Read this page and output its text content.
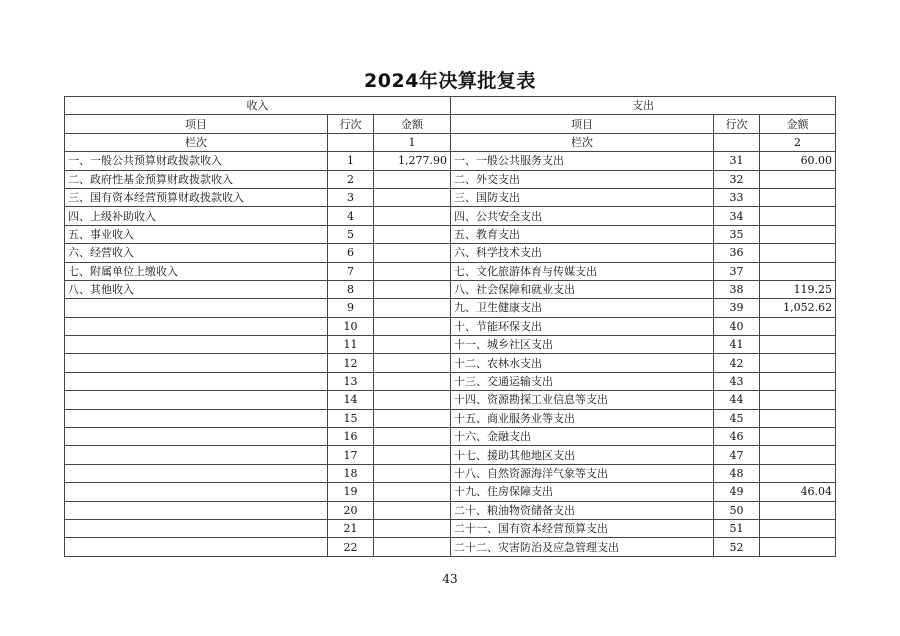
2024年决算批复表
收入			支出		
项目	行次	金额	项目	行次	金额
栏次		1	栏次		2
一、一般公共预算财政拨款收入	1	1,277.90	一、一般公共服务支出	31	60.00
二、政府性基金预算财政拨款收入	2		二、外交支出	32	
三、国有资本经营预算财政拨款收入	3		三、国防支出	33	
四、上级补助收入	4		四、公共安全支出	34	
五、事业收入	5		五、教育支出	35	
六、经营收入	6		六、科学技术支出	36	
七、附属单位上缴收入	7		七、文化旅游体育与传媒支出	37	
八、其他收入	8		八、社会保障和就业支出	38	119.25
	9		九、卫生健康支出	39	1,052.62
	10		十、节能环保支出	40	
	11		十一、城乡社区支出	41	
	12		十二、农林水支出	42	
	13		十三、交通运输支出	43	
	14		十四、资源勘探工业信息等支出	44	
	15		十五、商业服务业等支出	45	
	16		十六、金融支出	46	
	17		十七、援助其他地区支出	47	
	18		十八、自然资源海洋气象等支出	48	
	19		十九、住房保障支出	49	46.04
	20		二十、粮油物资储备支出	50	
	21		二十一、国有资本经营预算支出	51	
	22		二十二、灾害防治及应急管理支出	52	
43
